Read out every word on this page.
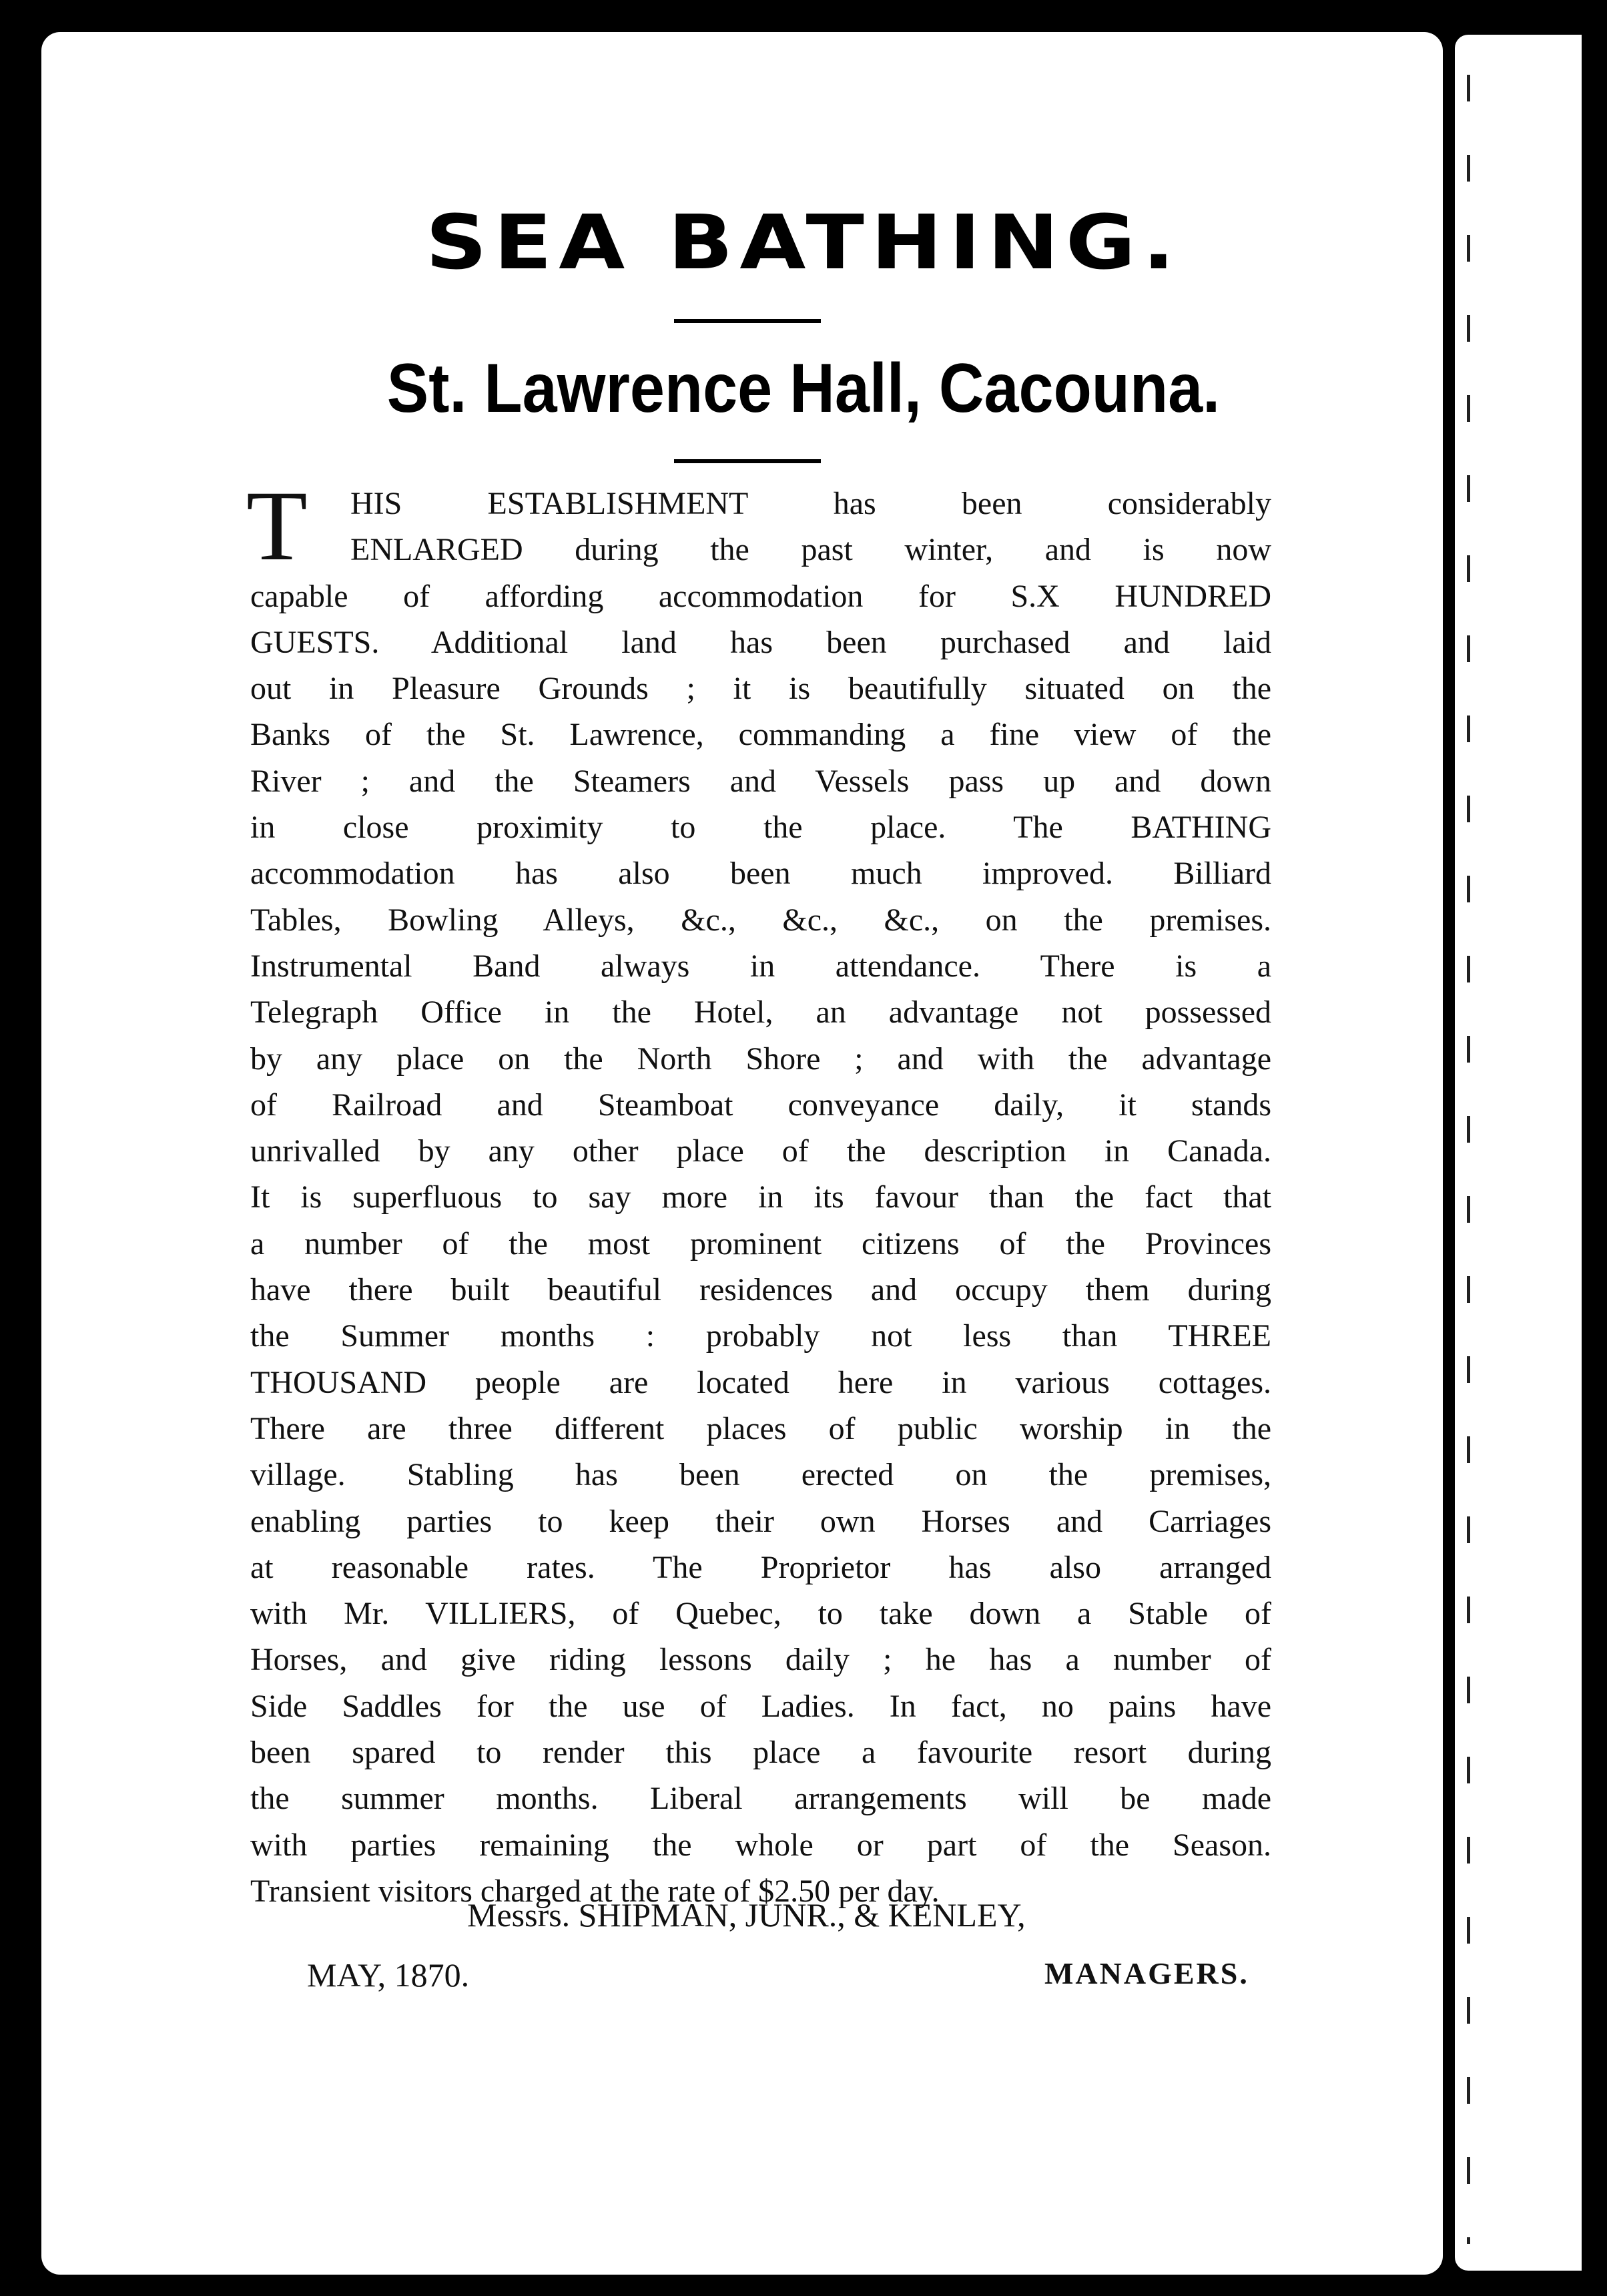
SEA BATHING.
St. Lawrence Hall, Cacouna.
T HIS ESTABLISHMENT has been considerably
ENLARGED during the past winter, and is now
capable of affording accommodation for S.X HUNDRED
GUESTS. Additional land has been purchased and laid
out in Pleasure Grounds ; it is beautifully situated on the
Banks of the St. Lawrence, commanding a fine view of the
River ; and the Steamers and Vessels pass up and down
in close proximity to the place. The BATHING
accommodation has also been much improved. Billiard
Tables, Bowling Alleys, &c., &c., &c., on the premises.
Instrumental Band always in attendance. There is a
Telegraph Office in the Hotel, an advantage not possessed
by any place on the North Shore ; and with the advantage
of Railroad and Steamboat conveyance daily, it stands
unrivalled by any other place of the description in Canada.
It is superfluous to say more in its favour than the fact that
a number of the most prominent citizens of the Provinces
have there built beautiful residences and occupy them during
the Summer months : probably not less than THREE
THOUSAND people are located here in various cottages.
There are three different places of public worship in the
village. Stabling has been erected on the premises,
enabling parties to keep their own Horses and Carriages
at reasonable rates. The Proprietor has also arranged
with Mr. VILLIERS, of Quebec, to take down a Stable of
Horses, and give riding lessons daily ; he has a number of
Side Saddles for the use of Ladies. In fact, no pains have
been spared to render this place a favourite resort during
the summer months. Liberal arrangements will be made
with parties remaining the whole or part of the Season.
Transient visitors charged at the rate of $2.50 per day.
Messrs. SHIPMAN, JUNR., & KENLEY,
MAY, 1870.	MANAGERS.
